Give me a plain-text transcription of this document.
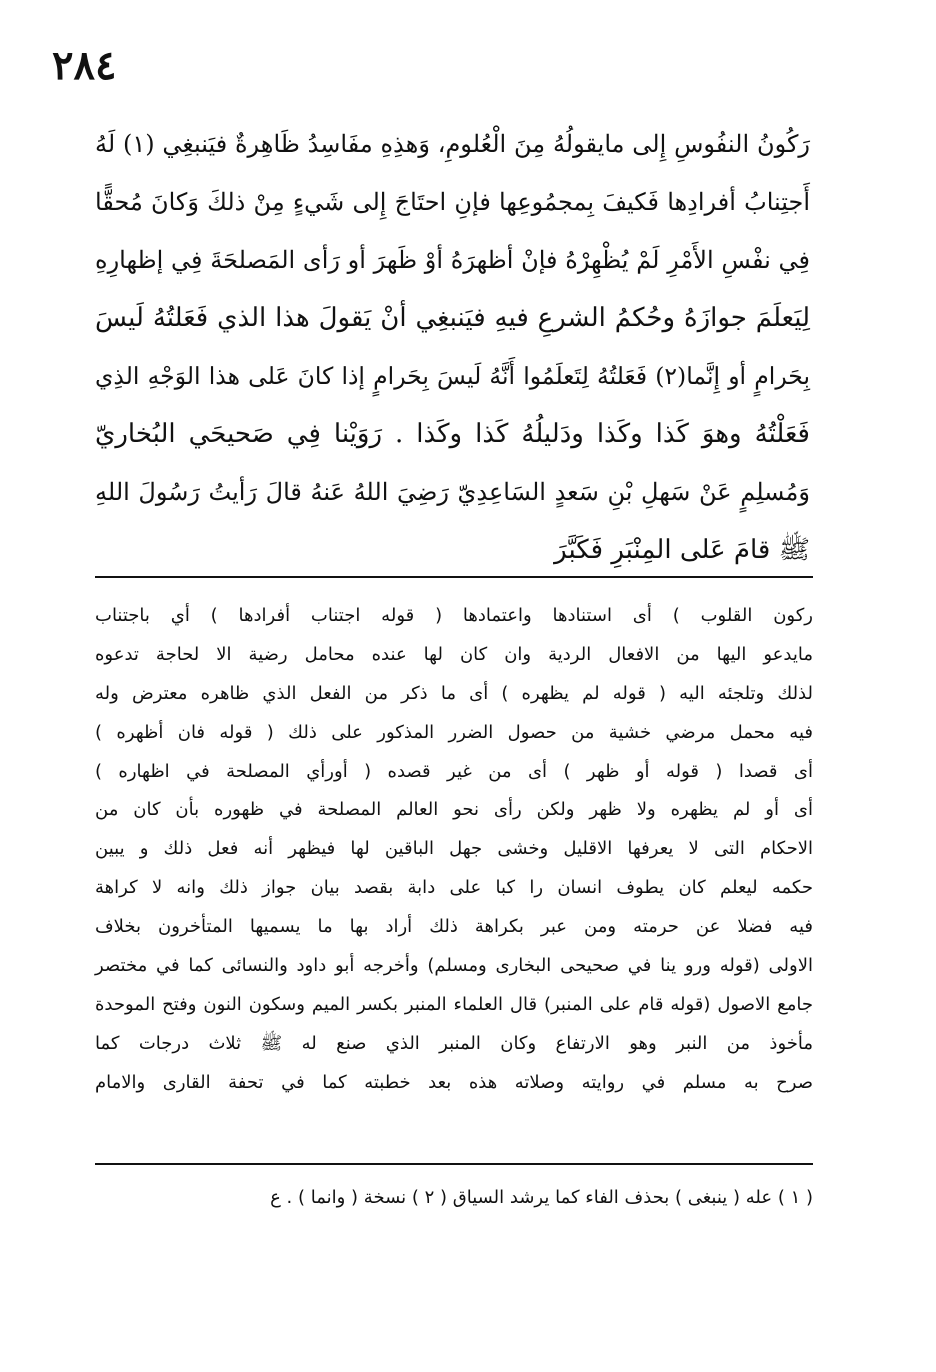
٢٨٤
رَكُونُ النفُوسِ إِلى مايقولُهُ مِنَ الْعُلومِ، وَهذِهِ مفَاسِدُ ظَاهِرةٌ فيَنبغِي (١) لَهُ
أَجتِنابُ أفرادِها فَكيفَ بِمجمُوعِها فإنِ احتَاجَ إِلى شَيءٍ مِنْ ذلكَ وَكانَ مُحقًّا
فِي نفْسِ الأَمْرِ لَمْ يُظْهِرْهُ فإنْ أظهرَهُ أوْ ظَهرَ أو رَأى المَصلحَةَ فِي إظهارِهِ
لِيَعلَمَ جوازَهُ وحُكمُ الشرعِ فيهِ فيَنبغِي أنْ يَقولَ هذا الذي فَعَلتُهُ لَيسَ
بِحَرامٍ أو إِنَّما(٢) فَعَلتُهُ لِتَعلَمُوا أَنَّهُ لَيسَ بِحَرامٍ إذا كانَ عَلى هذا الوَجْهِ الذِي
فَعَلْتُهُ وهوَ كَذا وكَذا ودَليلُهُ كَذا وكَذا . رَوَيْنا فِي صَحيحَي البُخاريّ
وَمُسلِمٍ عَنْ سَهلِ بْنِ سَعدٍ السَاعِدِيّ رَضِيَ اللهُ عَنهُ قالَ رَأيتُ رَسُولَ اللهِ
ﷺ قامَ عَلى المِنْبَرِ فَكَبَّرَ
ركون القلوب ) أى استنادها واعتمادها ( قوله اجتناب أفرادها ) أي باجتناب
مايدعو اليها من الافعال الردية وان كان لها عنده محامل رضية الا لحاجة تدعوه
لذلك وتلجئه اليه ( قوله لم يظهره ) أى ما ذكر من الفعل الذي ظاهره معترض وله
فيه محمل مرضي خشية من حصول الضرر المذكور على ذلك ( قوله فان أظهره )
أى قصدا ( قوله أو ظهر ) أى من غير قصده ( أورأي المصلحة في اظهاره )
أى أو لم يظهره ولا ظهر ولكن رأى نحو العالم المصلحة في ظهوره بأن كان من
الاحكام التى لا يعرفها الاقليل وخشى جهل الباقين لها فيظهر أنه فعل ذلك و يبين
حكمه ليعلم كان يطوف انسان را كبا على دابة بقصد بيان جواز ذلك وانه لا كراهة
فيه فضلا عن حرمته ومن عبر بكراهة ذلك أراد بها ما يسميها المتأخرون بخلاف
الاولى (قوله ورو ينا في صحيحى البخارى ومسلم) وأخرجه أبو داود والنسائى كما في مختصر
جامع الاصول (قوله قام على المنبر) قال العلماء المنبر بكسر الميم وسكون النون وفتح الموحدة
مأخوذ من النبر وهو الارتفاع وكان المنبر الذي صنع له ﷺ ثلاث درجات كما
صرح به مسلم في روايته وصلاته هذه بعد خطبته كما في تحفة القارى والامام
( ١ ) عله ( ينبغى ) بحذف الفاء كما يرشد السياق ( ٢ ) نسخة ( وانما ) . ع
